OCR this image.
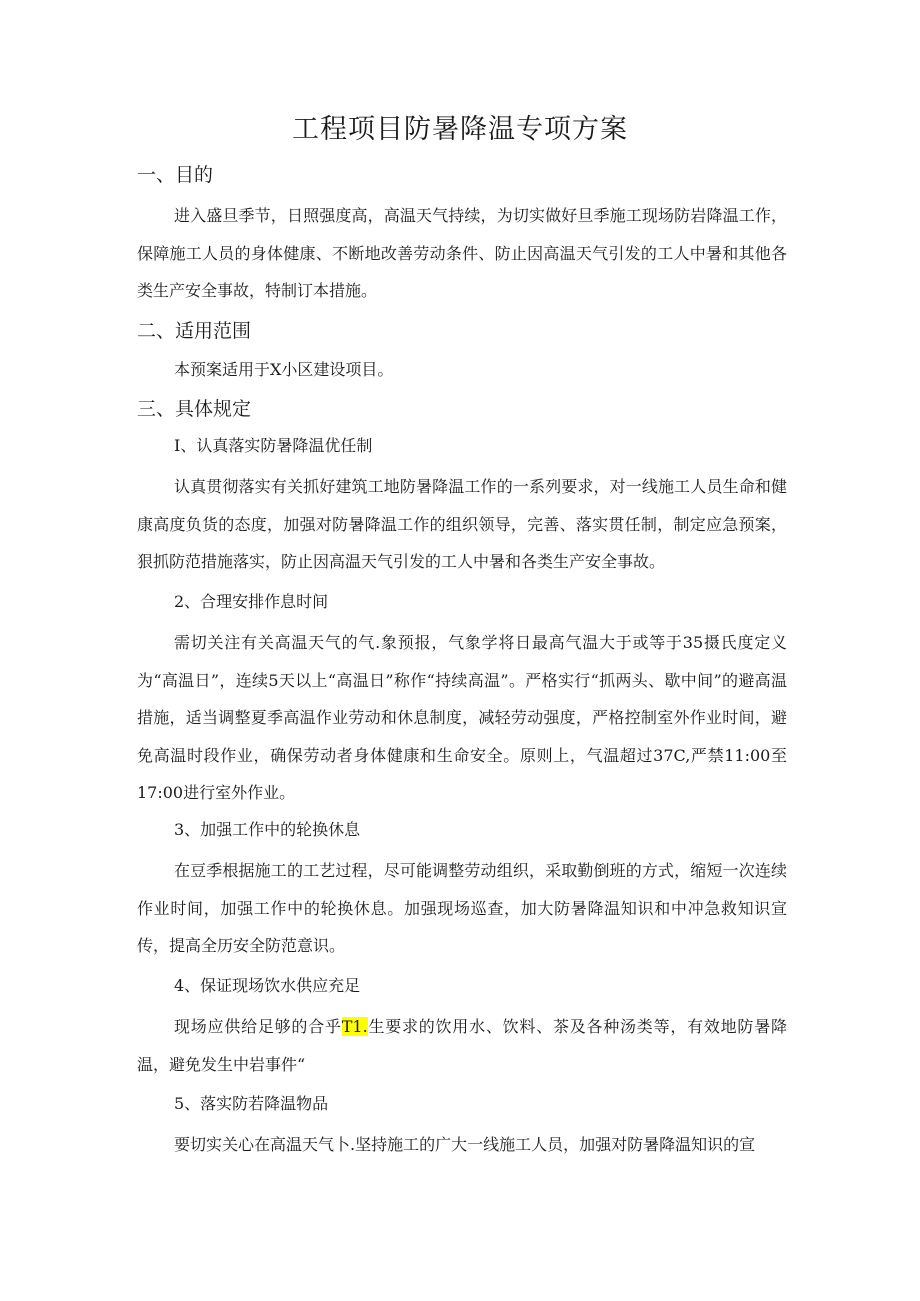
工程项目防暑降温专项方案
一、目的
进入盛旦季节，日照强度高，高温天气持续，为切实做好旦季施工现场防岩降温工作，保障施工人员的身体健康、不断地改善劳动条件、防止因高温天气引发的工人中暑和其他各类生产安全事故，特制订本措施。
二、适用范围
本预案适用于X小区建设项目。
三、具体规定
I、认真落实防暑降温优任制
认真贯彻落实有关抓好建筑工地防暑降温工作的一系列要求，对一线施工人员生命和健康高度负货的态度，加强对防暑降温工作的组织领导，完善、落实贯任制，制定应急预案，狠抓防范措施落实，防止因高温天气引发的工人中暑和各类生产安全事故。
2、合理安排作息时间
需切关注有关高温天气的气.象预报，气象学将日最高气温大于或等于35摄氏度定义为“高温日”，连续5天以上“高温日”称作“持续高温”。严格实行“抓两头、歇中间”的避高温措施，适当调整夏季高温作业劳动和休息制度，减轻劳动强度，严格控制室外作业时间，避免高温时段作业，确保劳动者身体健康和生命安全。原则上，气温超过37C,严禁11:00至17:00进行室外作业。
3、加强工作中的轮换休息
在豆季根据施工的工艺过程，尽可能调整劳动组织，采取勤倒班的方式，缩短一次连续作业时间，加强工作中的轮换休息。加强现场巡查，加大防暑降温知识和中冲急救知识宣传，提高全历安全防范意识。
4、保证现场饮水供应充足
现场应供给足够的合乎T1.生要求的饮用水、饮料、茶及各种汤类等，有效地防暑降温，避免发生中岩事件“
5、落实防若降温物品
要切实关心在高温天气卜.坚持施工的广大一线施工人员，加强对防暑降温知识的宣
